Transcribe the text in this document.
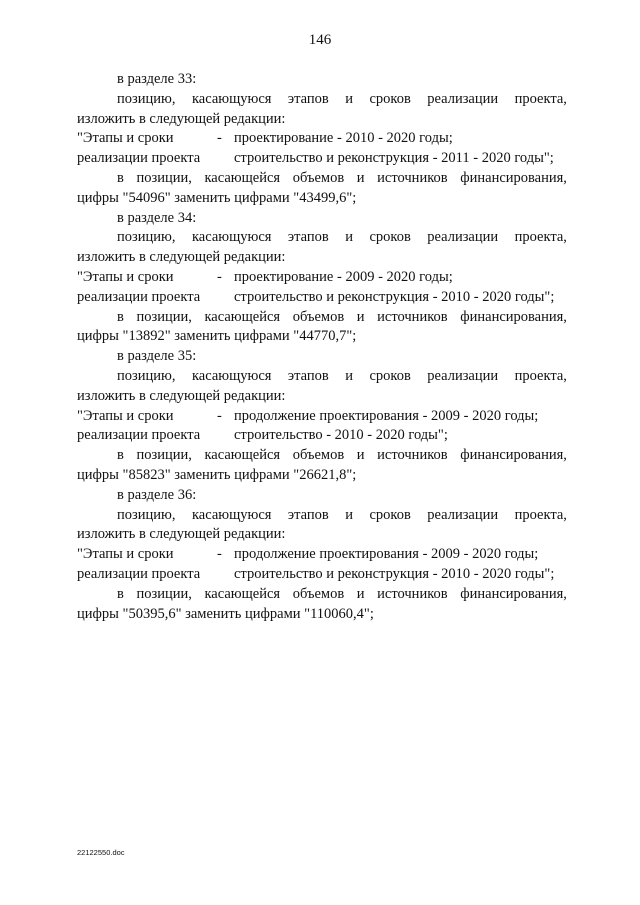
146
в разделе 33:
позицию, касающуюся этапов и сроков реализации проекта,
изложить в следующей редакции:
"Этапы и сроки	- проектирование - 2010 - 2020 годы;
реализации проекта строительство и реконструкция - 2011 - 2020 годы";
в позиции, касающейся объемов и источников финансирования,
цифры "54096" заменить цифрами "43499,6";
в разделе 34:
позицию, касающуюся этапов и сроков реализации проекта,
изложить в следующей редакции:
"Этапы и сроки	- проектирование - 2009 - 2020 годы;
реализации проекта строительство и реконструкция - 2010 - 2020 годы";
в позиции, касающейся объемов и источников финансирования,
цифры "13892" заменить цифрами "44770,7";
в разделе 35:
позицию, касающуюся этапов и сроков реализации проекта,
изложить в следующей редакции:
"Этапы и сроки	- продолжение проектирования - 2009 - 2020 годы;
реализации проекта строительство - 2010 - 2020 годы";
в позиции, касающейся объемов и источников финансирования,
цифры "85823" заменить цифрами "26621,8";
в разделе 36:
позицию, касающуюся этапов и сроков реализации проекта,
изложить в следующей редакции:
"Этапы и сроки	- продолжение проектирования - 2009 - 2020 годы;
реализации проекта строительство и реконструкция - 2010 - 2020 годы";
в позиции, касающейся объемов и источников финансирования,
цифры "50395,6" заменить цифрами "110060,4";
22122550.doc
